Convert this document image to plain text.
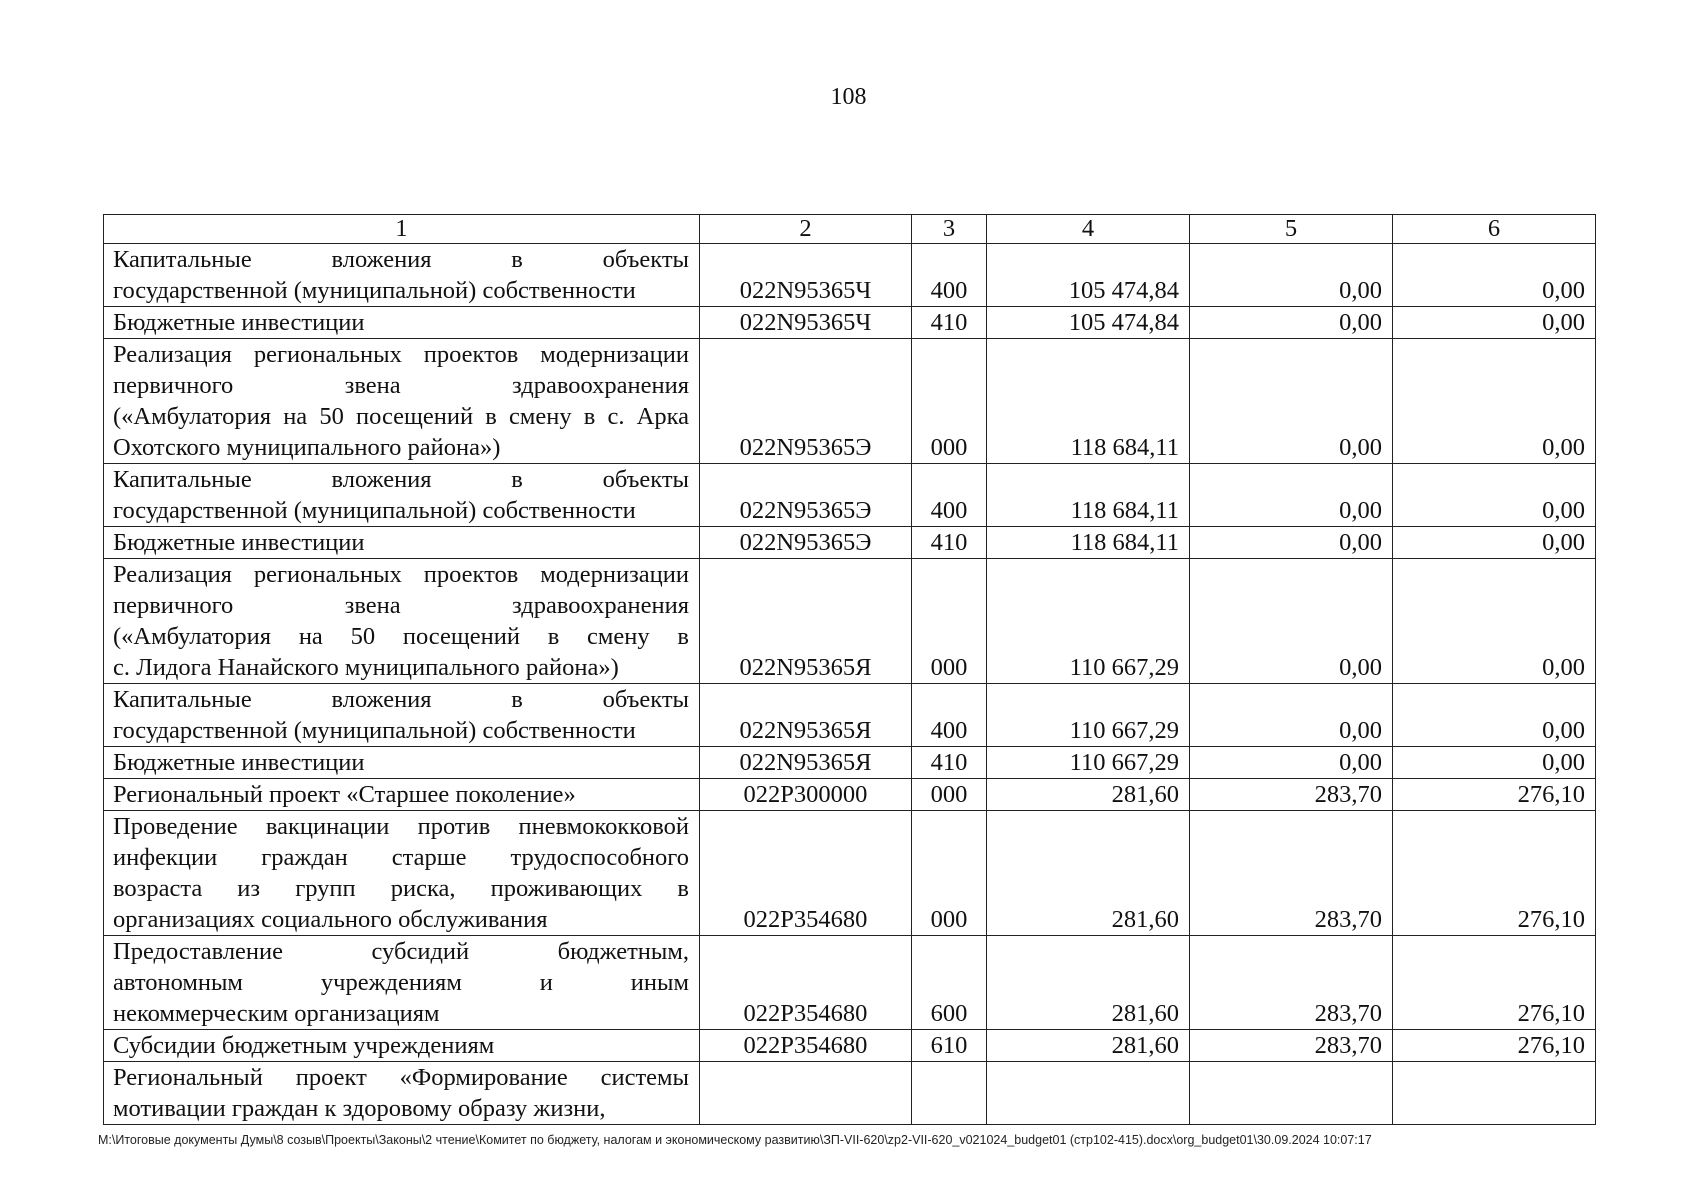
108
1	2	3	4	5	6

Капитальные вложения в объекты
государственной (муниципальной) собственности	022N95365Ч	400	105 474,84	0,00	0,00

Бюджетные инвестиции	022N95365Ч	410	105 474,84	0,00	0,00

Реализация региональных проектов модернизации
первичного звена здравоохранения
(«Амбулатория на 50 посещений в смену в с. Арка
Охотского муниципального района»)	022N95365Э	000	118 684,11	0,00	0,00

Капитальные вложения в объекты
государственной (муниципальной) собственности	022N95365Э	400	118 684,11	0,00	0,00

Бюджетные инвестиции	022N95365Э	410	118 684,11	0,00	0,00

Реализация региональных проектов модернизации
первичного звена здравоохранения
(«Амбулатория на 50 посещений в смену в
с. Лидога Нанайского муниципального района»)	022N95365Я	000	110 667,29	0,00	0,00

Капитальные вложения в объекты
государственной (муниципальной) собственности	022N95365Я	400	110 667,29	0,00	0,00

Бюджетные инвестиции	022N95365Я	410	110 667,29	0,00	0,00

Региональный проект «Старшее поколение»	022P300000	000	281,60	283,70	276,10

Проведение вакцинации против пневмококковой
инфекции граждан старше трудоспособного
возраста из групп риска, проживающих в
организациях социального обслуживания	022P354680	000	281,60	283,70	276,10

Предоставление субсидий бюджетным,
автономным учреждениям и иным
некоммерческим организациям	022P354680	600	281,60	283,70	276,10

Субсидии бюджетным учреждениям	022P354680	610	281,60	283,70	276,10

Региональный проект «Формирование системы
мотивации граждан к здоровому образу жизни,					

M:\Итоговые документы Думы\8 созыв\Проекты\Законы\2 чтение\Комитет по бюджету, налогам и экономическому развитию\ЗП-VII-620\zp2-VII-620_v021024_budget01 (стр102-415).docx\org_budget01\30.09.2024 10:07:17
